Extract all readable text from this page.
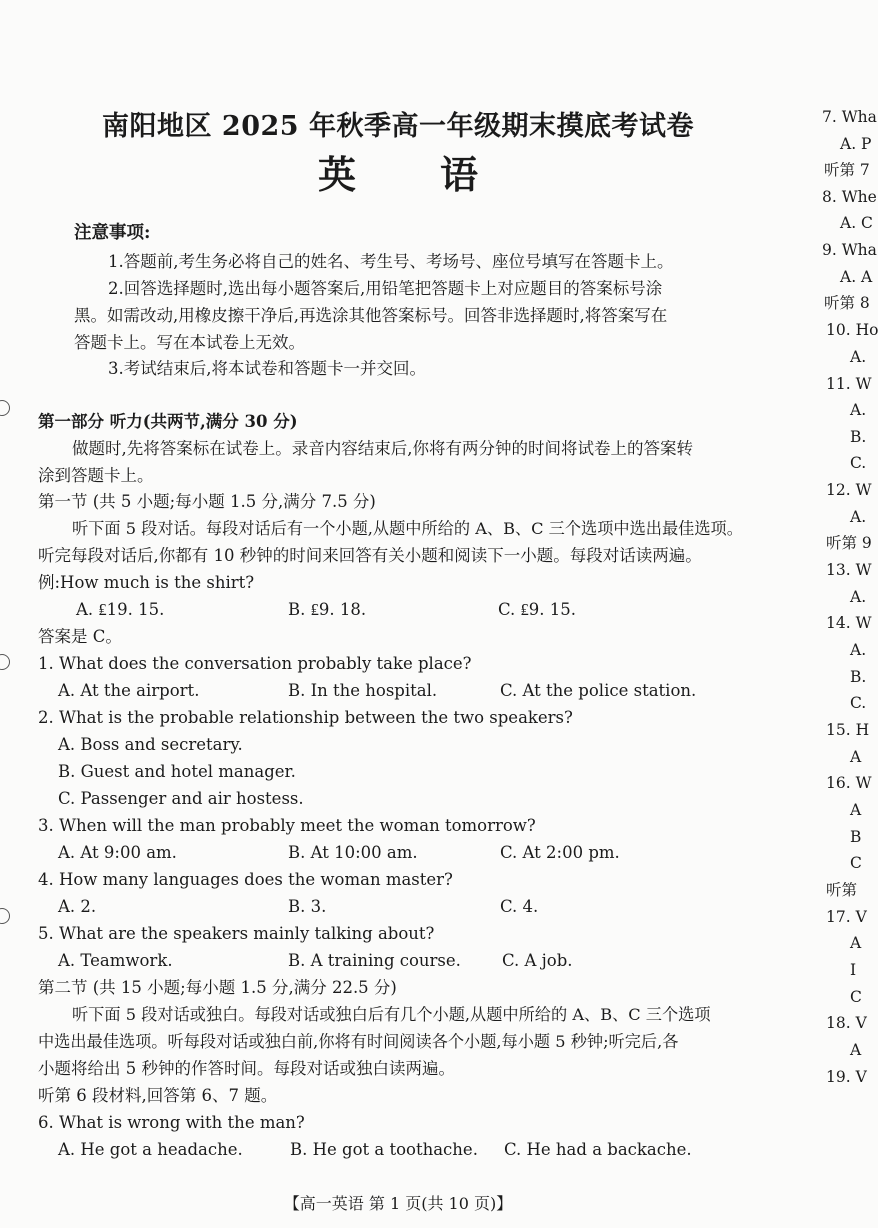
南阳地区 2025 年秋季高一年级期末摸底考试卷
英语
注意事项:
1.答题前,考生务必将自己的姓名、考生号、考场号、座位号填写在答题卡上。
2.回答选择题时,选出每小题答案后,用铅笔把答题卡上对应题目的答案标号涂
黑。如需改动,用橡皮擦干净后,再选涂其他答案标号。回答非选择题时,将答案写在
答题卡上。写在本试卷上无效。
3.考试结束后,将本试卷和答题卡一并交回。
第一部分 听力(共两节,满分 30 分)
做题时,先将答案标在试卷上。录音内容结束后,你将有两分钟的时间将试卷上的答案转
涂到答题卡上。
第一节 (共 5 小题;每小题 1.5 分,满分 7.5 分)
听下面 5 段对话。每段对话后有一个小题,从题中所给的 A、B、C 三个选项中选出最佳选项。
听完每段对话后,你都有 10 秒钟的时间来回答有关小题和阅读下一小题。每段对话读两遍。
例:How much is the shirt?
A. ₤19. 15.	B. ₤9. 18.	C. ₤9. 15.
答案是 C。
1. What does the conversation probably take place?
A. At the airport.	B. In the hospital.	C. At the police station.
2. What is the probable relationship between the two speakers?
A. Boss and secretary.
B. Guest and hotel manager.
C. Passenger and air hostess.
3. When will the man probably meet the woman tomorrow?
A. At 9:00 am.	B. At 10:00 am.	C. At 2:00 pm.
4. How many languages does the woman master?
A. 2.	B. 3.	C. 4.
5. What are the speakers mainly talking about?
A. Teamwork.	B. A training course. C. A job.
第二节 (共 15 小题;每小题 1.5 分,满分 22.5 分)
听下面 5 段对话或独白。每段对话或独白后有几个小题,从题中所给的 A、B、C 三个选项
中选出最佳选项。听每段对话或独白前,你将有时间阅读各个小题,每小题 5 秒钟;听完后,各
小题将给出 5 秒钟的作答时间。每段对话或独白读两遍。
听第 6 段材料,回答第 6、7 题。
6. What is wrong with the man?
A. He got a headache.	B. He got a toothache. C. He had a backache.
7. Wha
A. P
听第 7
8. Whe
A. C
9. Wha
A. A
听第 8
10. Ho
A.
11. W
A.
B.
C.
12. W
A.
听第 9
13. W
A.
14. W
A.
B.
C.
15. H
A
16. W
A
B
C
听第
17. V
A
I
C
18. V
A
19. V
【高一英语 第 1 页(共 10 页)】
